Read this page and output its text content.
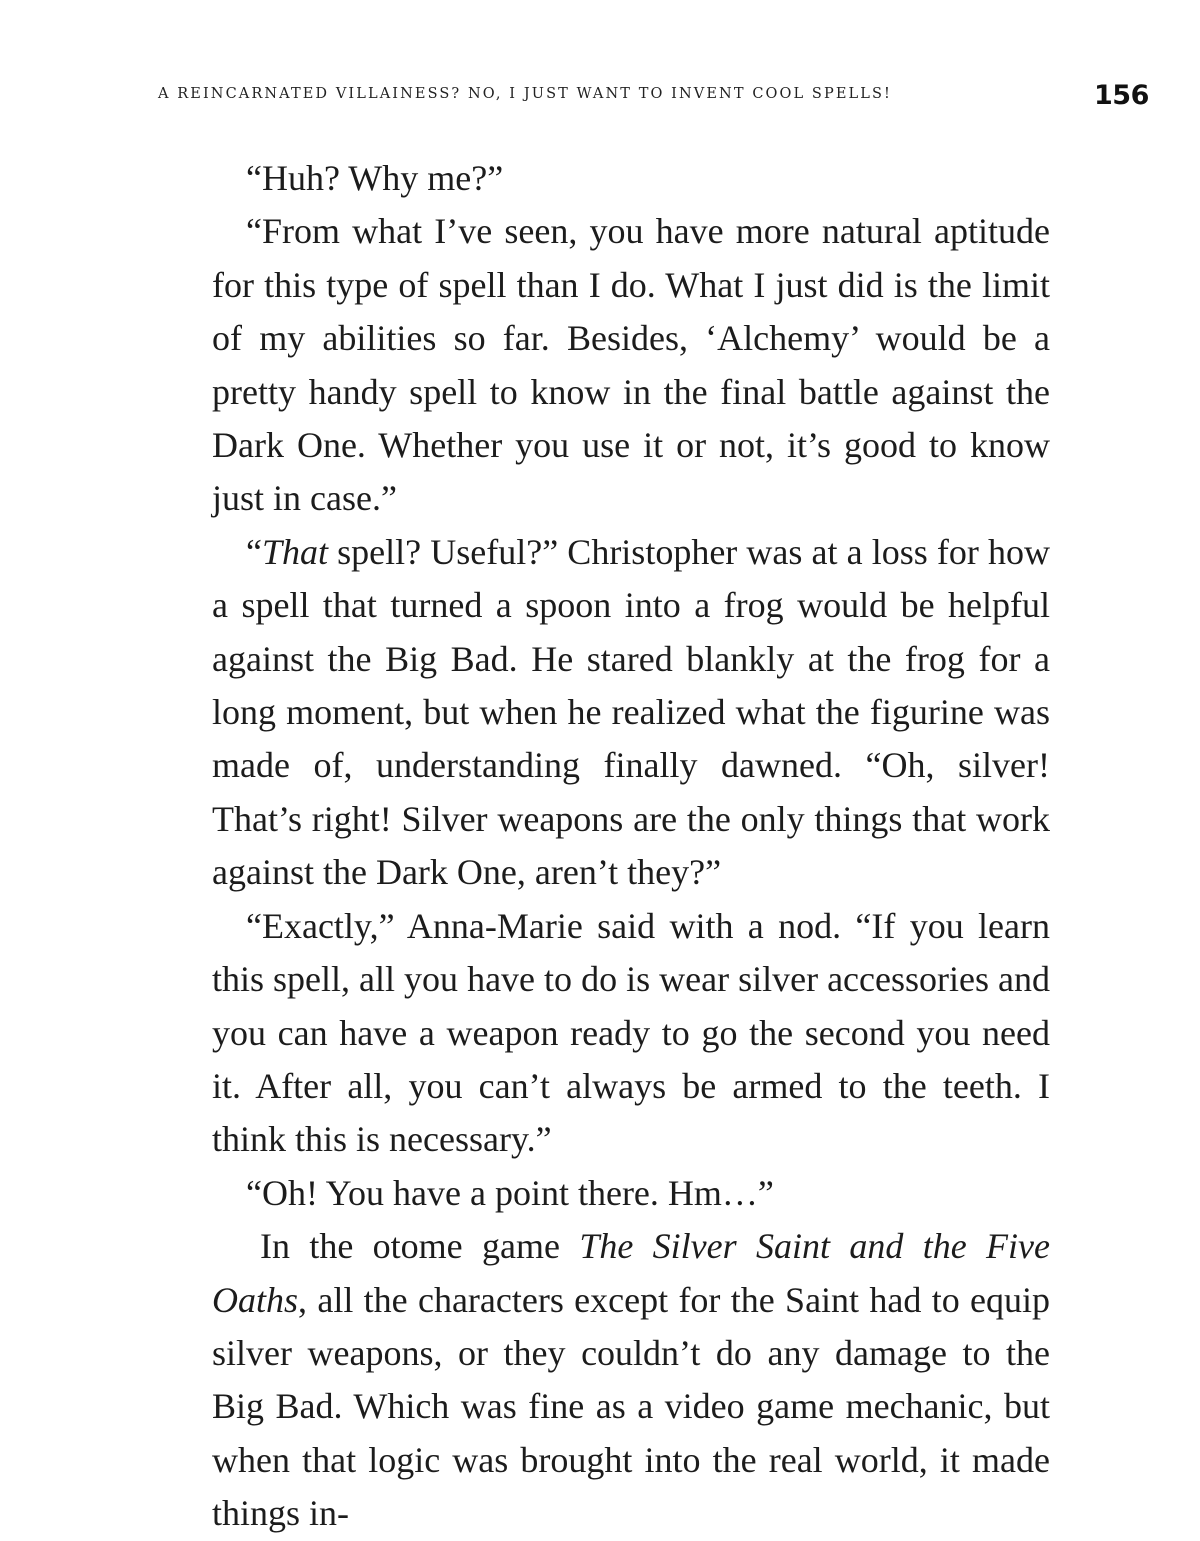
A REINCARNATED VILLAINESS? NO, I JUST WANT TO INVENT COOL SPELLS!	156

“Huh? Why me?”

“From what I’ve seen, you have more natural aptitude for this type of spell than I do. What I just did is the limit of my abilities so far. Besides, ‘Alchemy’ would be a pretty handy spell to know in the final battle against the Dark One. Whether you use it or not, it’s good to know just in case.”

“That spell? Useful?” Christopher was at a loss for how a spell that turned a spoon into a frog would be helpful against the Big Bad. He stared blankly at the frog for a long moment, but when he realized what the figurine was made of, understanding finally dawned. “Oh, silver! That’s right! Silver weapons are the only things that work against the Dark One, aren’t they?”

“Exactly,” Anna-Marie said with a nod. “If you learn this spell, all you have to do is wear silver accessories and you can have a weapon ready to go the second you need it. After all, you can’t always be armed to the teeth. I think this is necessary.”

“Oh! You have a point there. Hm…”

In the otome game The Silver Saint and the Five Oaths, all the characters except for the Saint had to equip silver weapons, or they couldn’t do any damage to the Big Bad. Which was fine as a video game mechanic, but when that logic was brought into the real world, it made things in-
